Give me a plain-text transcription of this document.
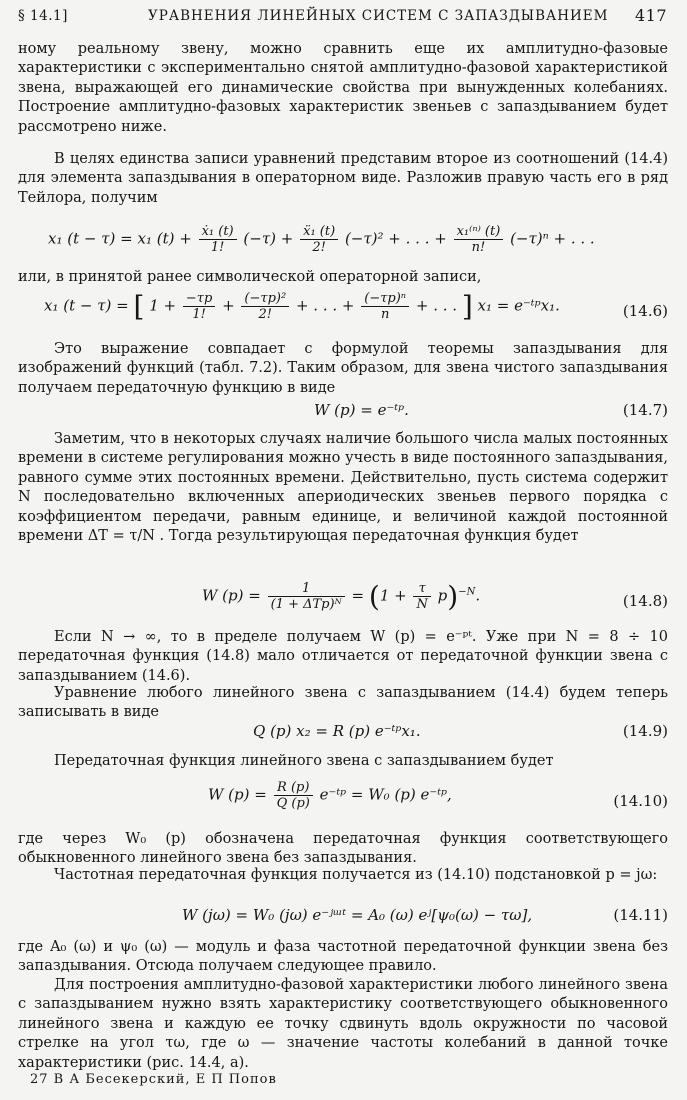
§ 14.1]	УРАВНЕНИЯ ЛИНЕЙНЫХ СИСТЕМ С ЗАПАЗДЫВАНИЕМ 417

ному реальному звену, можно сравнить еще их амплитудно-фазовые характеристики с экспериментально снятой амплитудно-фазовой характеристикой звена, выражающей его динамические свойства при вынужденных колебаниях. Построение амплитудно-фазовых характеристик звеньев с запаздыванием будет рассмотрено ниже.

В целях единства записи уравнений представим второе из соотношений (14.4) для элемента запаздывания в операторном виде. Разложив правую часть его в ряд Тейлора, получим

x₁ (t − τ) = x₁ $(t) + \frac{\text{ẋ₁ (t)}}{1!} (-\tau) + \frac{\text{ẍ₁ (t)}}{2!} (-\tau)^2$ + . . . + $\frac{\text{x₁⁽ⁿ⁾ (t)}}{n!} (-\tau)^n$ + . . .

или, в принятой ранее символической операторной записи,

x₁ (t − τ) = [ $1 + \frac{-\tau p}{1!} + \frac{\text{(−τp)²}}{2!}$ + . . . + $\frac{\text{(−τp)ⁿ}}{n}$ + . . . ] x₁ = e⁻ᵗᵖx₁.	(14.6)

Это выражение совпадает с формулой теоремы запаздывания для изображений функций (табл. 7.2). Таким образом, для звена чистого запаздывания получаем передаточную функцию в виде

W (p) = e⁻ᵗᵖ.	(14.7)

Заметим, что в некоторых случаях наличие большого числа малых постоянных времени в системе регулирования можно учесть в виде постоянного запаздывания, равного сумме этих постоянных времени. Действительно, пусть система содержит N последовательно включенных апериодических звеньев первого порядка с коэффициентом передачи, равным единице, и величиной каждой постоянной времени ΔT = τ/N . Тогда результирующая передаточная функция будет

W $(p) = \frac{1}{\text{(1 + ΔTp)ᴺ}} = (1 + \frac{\tau}{N} p)^{-N}$.	(14.8)

Если N → ∞, то в пределе получаем W (p) = e⁻ᵖᵗ. Уже при N = 8 ÷ 10 передаточная функция (14.8) мало отличается от передаточной функции звена с запаздыванием (14.6).

Уравнение любого линейного звена с запаздыванием (14.4) будем теперь записывать в виде

Q (p) x₂ = R (p) e⁻ᵗᵖx₁.	(14.9)

Передаточная функция линейного звена с запаздыванием будет

W $(p) = \frac{R (p)}{Q (p)}$ e⁻ᵗᵖ = W₀ (p) e⁻ᵗᵖ,	(14.10)

где через W₀ (p) обозначена передаточная функция соответствующего обыкновенного линейного звена без запаздывания.

Частотная передаточная функция получается из (14.10) подстановкой p = jω:

W (jω) = W₀ (jω) e⁻ʲᵚᵗ = A₀ (ω) eʲ[ψ₀(ω) − τω],	(14.11)

где A₀ (ω) и ψ₀ (ω) — модуль и фаза частотной передаточной функции звена без запаздывания. Отсюда получаем следующее правило.

Для построения амплитудно-фазовой характеристики любого линейного звена с запаздыванием нужно взять характеристику соответствующего обыкновенного линейного звена и каждую ее точку сдвинуть вдоль окружности по часовой стрелке на угол τω, где ω — значение частоты колебаний в данной точке характеристики (рис. 14.4, a).

27 В А Бесекерский, Е П Попов
